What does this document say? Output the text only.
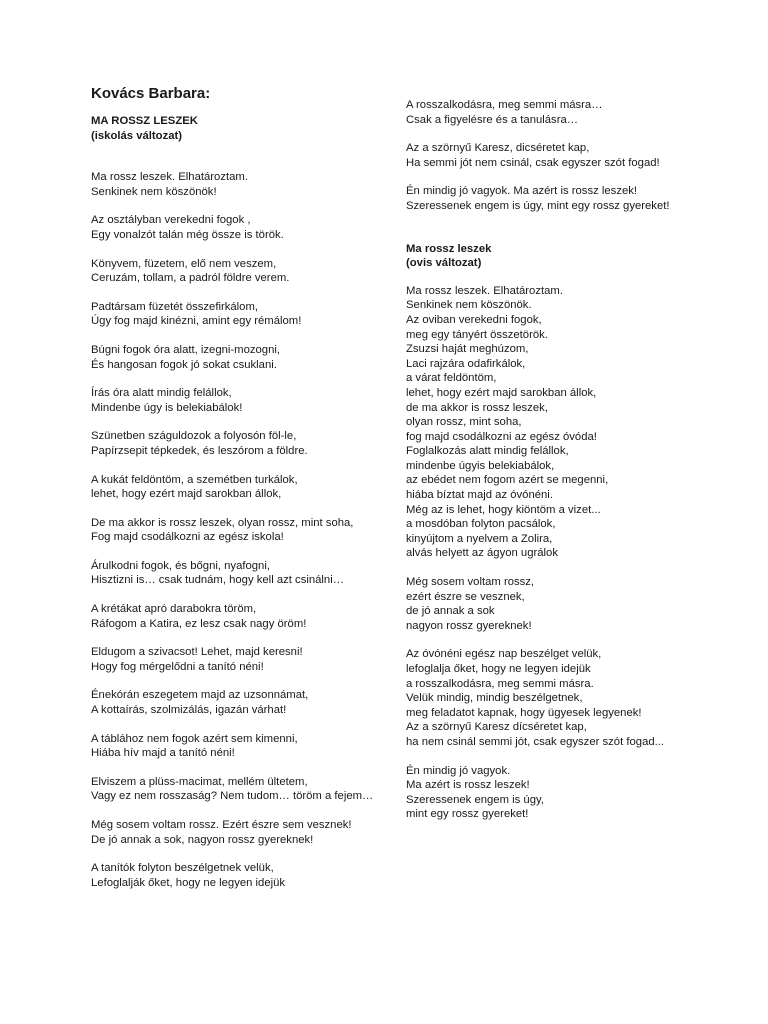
Kovács Barbara:
MA ROSSZ LESZEK
(iskolás változat)
Ma rossz leszek. Elhatároztam.
Senkinek nem köszönök!
Az osztályban verekedni fogok ,
Egy vonalzót talán még össze is török.
Könyvem, füzetem, elő nem veszem,
Ceruzám, tollam, a padról földre verem.
Padtársam füzetét összefirkálom,
Úgy fog majd kinézni, amint egy rémálom!
Búgni fogok óra alatt, izegni-mozogni,
És hangosan fogok jó sokat csuklani.
Írás óra alatt mindig felállok,
Mindenbe úgy is belekiabálok!
Szünetben száguldozok a folyosón föl-le,
Papírzsepit tépkedek, és leszórom a földre.
A kukát feldöntöm, a szemétben turkálok,
lehet, hogy ezért majd sarokban állok,
De ma akkor is rossz leszek, olyan rossz, mint soha,
Fog majd csodálkozni az egész iskola!
Árulkodni fogok, és bőgni, nyafogni,
Hisztizni is… csak tudnám, hogy kell azt csinálni…
A krétákat apró darabokra töröm,
Ráfogom a Katira, ez lesz csak nagy öröm!
Eldugom a szivacsot! Lehet, majd keresni!
Hogy fog mérgelődni a tanító néni!
Énekórán eszegetem majd az uzsonnámat,
A kottaírás, szolmizálás, igazán várhat!
A táblához nem fogok azért sem kimenni,
Hiába hív majd a tanító néni!
Elviszem a plüss-macimat, mellém ültetem,
Vagy ez nem rosszaság? Nem tudom… töröm a fejem…
Még sosem voltam rossz. Ezért észre sem vesznek!
De jó annak a sok, nagyon rossz gyereknek!
A tanítók folyton beszélgetnek velük,
Lefoglalják őket, hogy ne legyen idejük
A rosszalkodásra, meg semmi másra…
Csak a figyelésre és a tanulásra…
Az a szörnyű Karesz, dicséretet kap,
Ha semmi jót nem csinál, csak egyszer szót fogad!
Én mindig jó vagyok. Ma azért is rossz leszek!
Szeressenek engem is úgy, mint egy rossz gyereket!
Ma rossz leszek
(ovis változat)
Ma rossz leszek. Elhatároztam.
Senkinek nem köszönök.
Az oviban verekedni fogok,
meg egy tányért összetörök.
Zsuzsi haját meghúzom,
Laci rajzára odafirkálok,
a várat feldöntöm,
lehet, hogy ezért majd sarokban állok,
de ma akkor is rossz leszek,
olyan rossz, mint soha,
fog majd csodálkozni az egész óvóda!
Foglalkozás alatt mindig felállok,
mindenbe úgyis belekiabálok,
az ebédet nem fogom azért se megenni,
hiába bíztat majd az óvónéni.
Még az is lehet, hogy kiöntöm a vizet...
a mosdóban folyton pacsálok,
kinyújtom a nyelvem a Zolira,
alvás helyett az ágyon ugrálok
Még sosem voltam rossz,
ezért észre se vesznek,
de jó annak a sok
nagyon rossz gyereknek!
Az óvónéni egész nap beszélget velük,
lefoglalja őket, hogy ne legyen idejük
a rosszalkodásra, meg semmi másra.
Velük mindig, mindig beszélgetnek,
meg feladatot kapnak, hogy ügyesek legyenek!
Az a szörnyű Karesz dícséretet kap,
ha nem csinál semmi jót, csak egyszer szót fogad...
Én mindig jó vagyok.
Ma azért is rossz leszek!
Szeressenek engem is úgy,
mint egy rossz gyereket!
